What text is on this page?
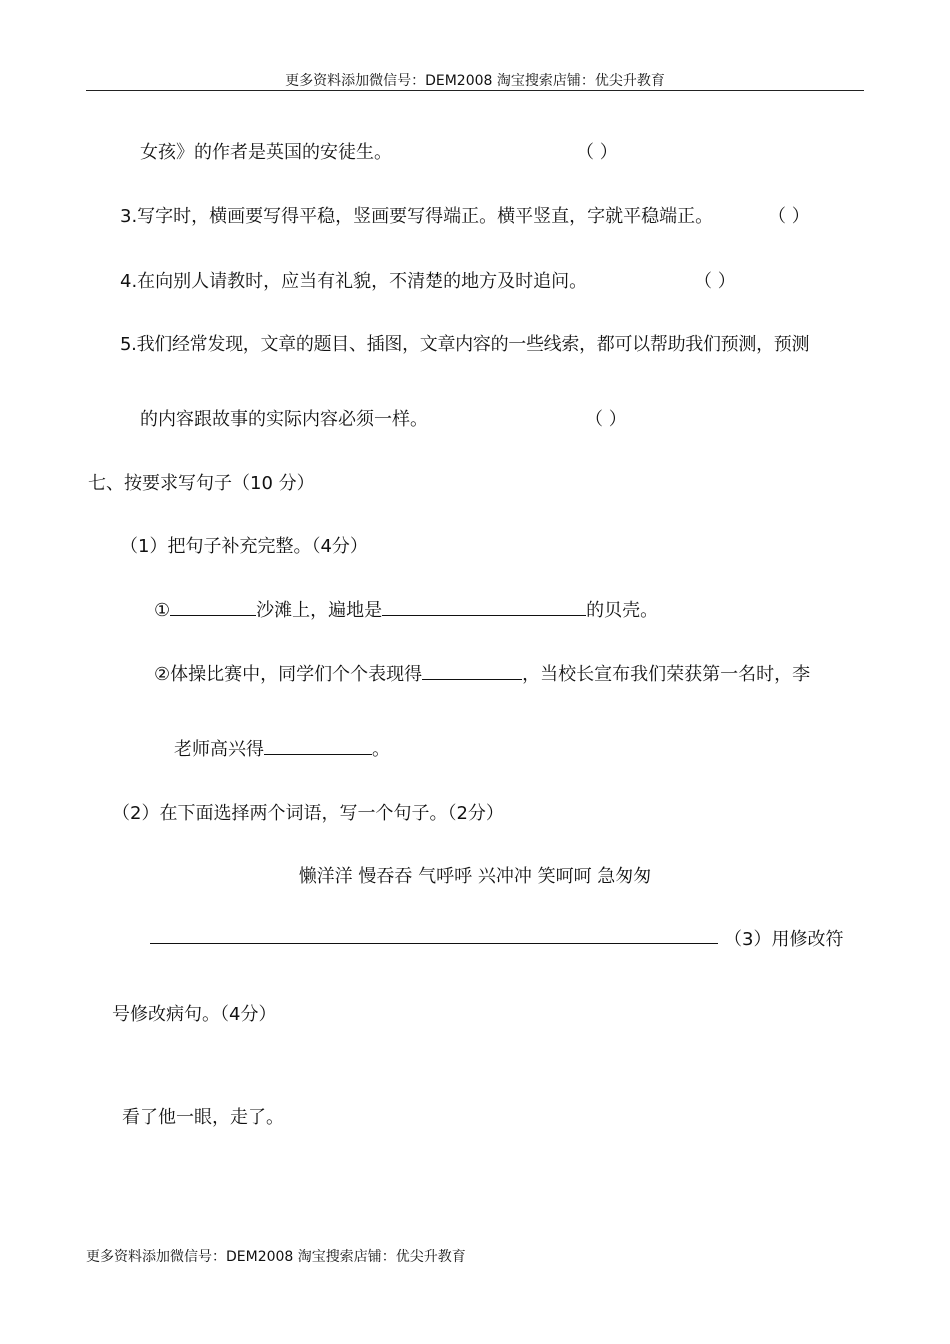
更多资料添加微信号：DEM2008 淘宝搜索店铺：优尖升教育
女孩》的作者是英国的安徒生。	（ ）
3.写字时，横画要写得平稳，竖画要写得端正。横平竖直，字就平稳端正。	（ ）
4.在向别人请教时，应当有礼貌，不清楚的地方及时追问。	（ ）
5.我们经常发现，文章的题目、插图，文章内容的一些线索，都可以帮助我们预测，预测
的内容跟故事的实际内容必须一样。	（ ）
七、按要求写句子（10 分）
（1）把句子补充完整。（4分）
①	沙滩上，遍地是	的贝壳。
②体操比赛中，同学们个个表现得	，当校长宣布我们荣获第一名时，李
老师高兴得	。
（2）在下面选择两个词语，写一个句子。（2分）
懒洋洋 慢吞吞 气呼呼 兴冲冲 笑呵呵 急匆匆
（3）用修改符
号修改病句。（4分）
看了他一眼，走了。
更多资料添加微信号：DEM2008 淘宝搜索店铺：优尖升教育
